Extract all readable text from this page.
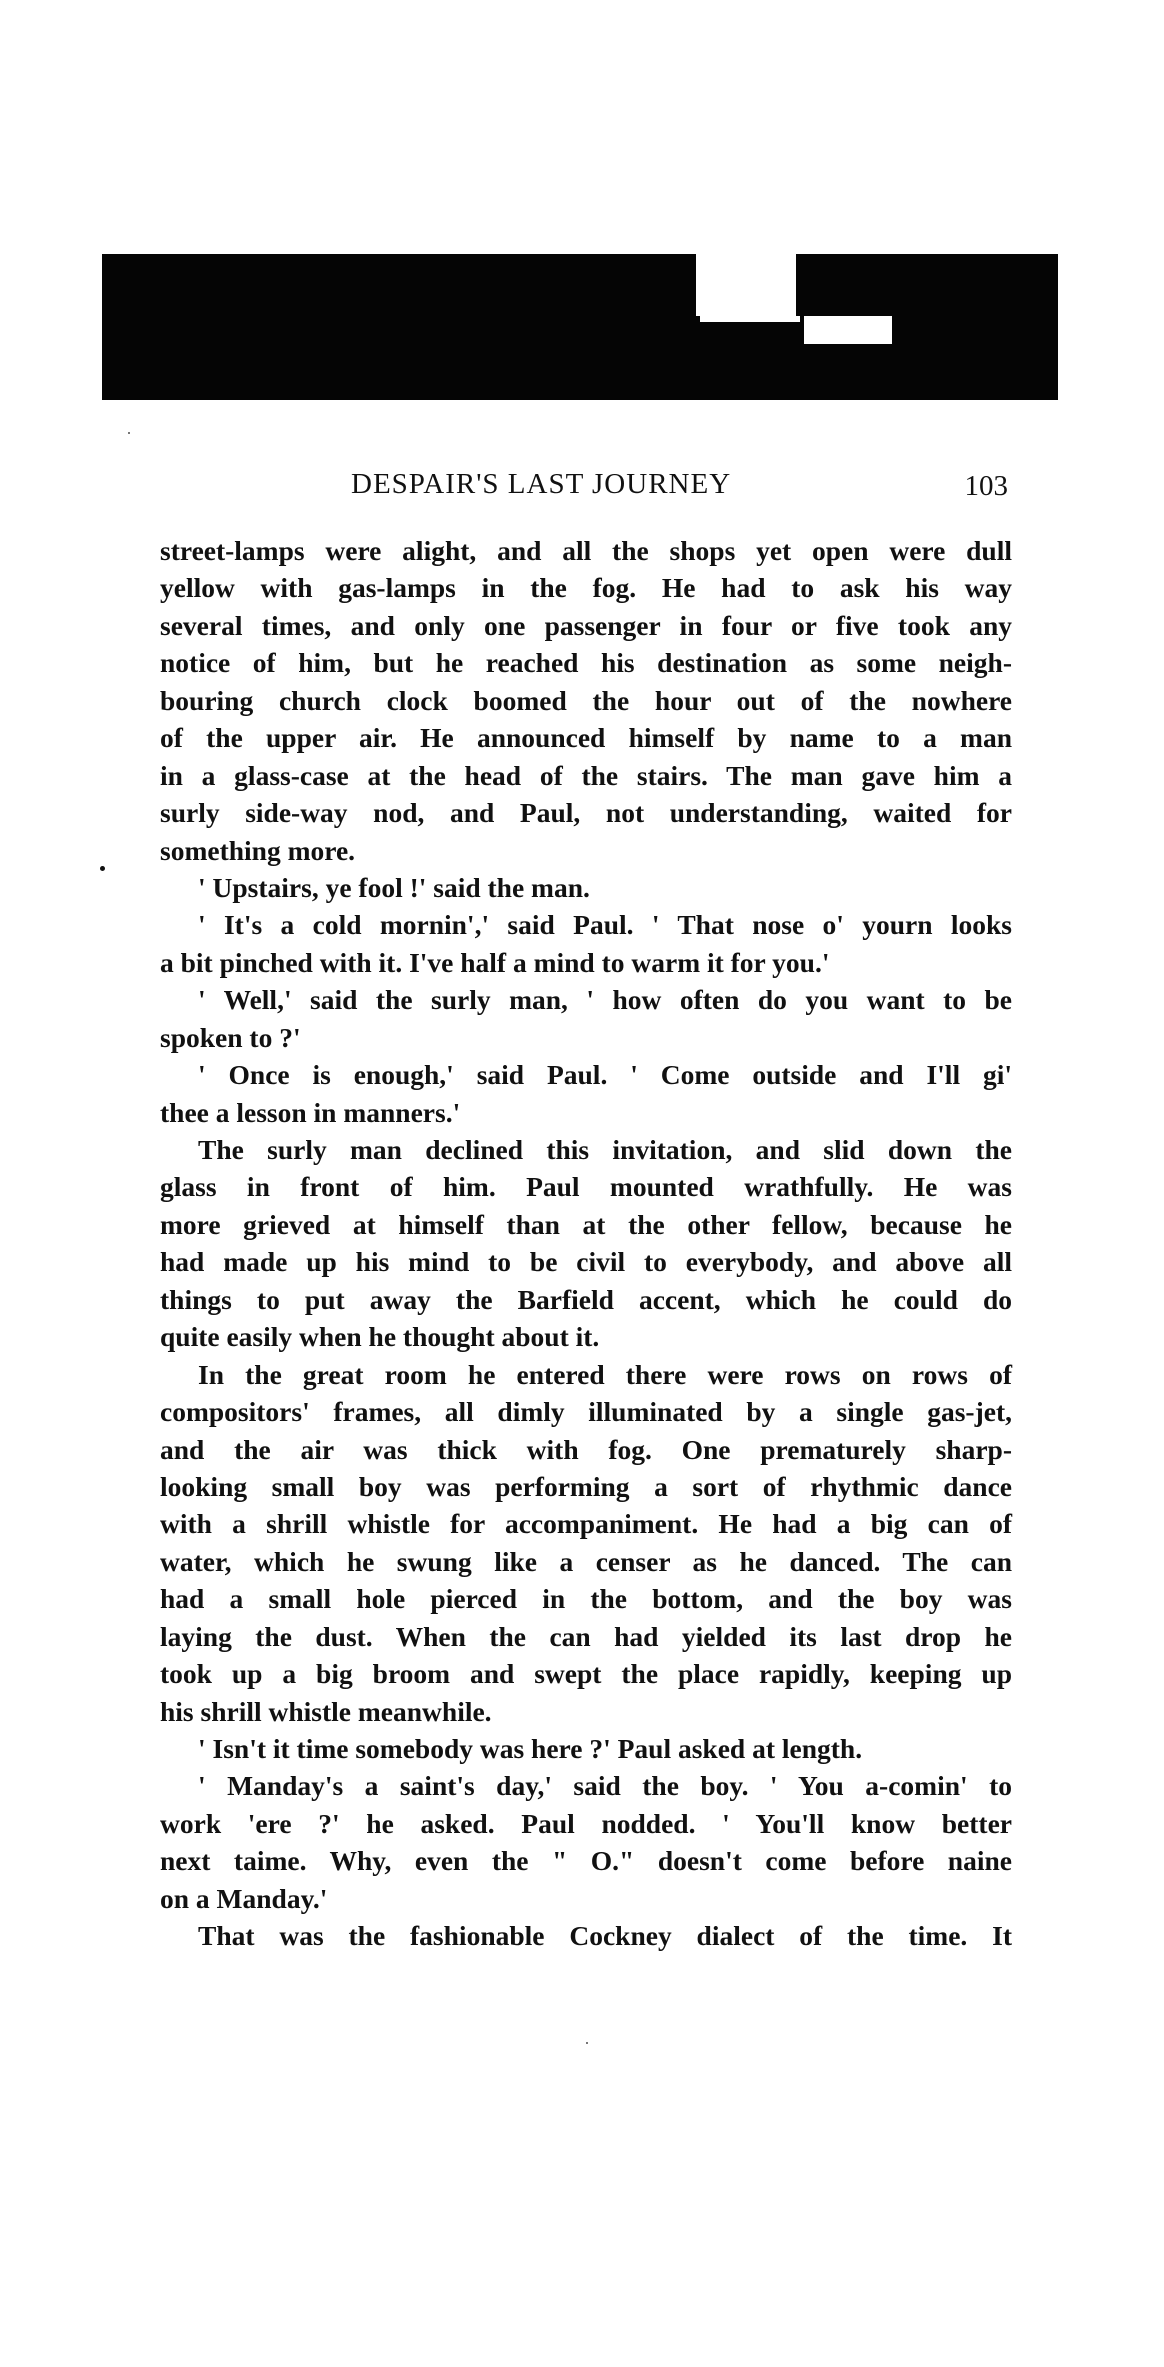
DESPAIR'S LAST JOURNEY	103
street-lamps were alight, and all the shops yet open were dull
yellow with gas-lamps in the fog. He had to ask his way
several times, and only one passenger in four or five took any
notice of him, but he reached his destination as some neigh-
bouring church clock boomed the hour out of the nowhere
of the upper air. He announced himself by name to a man
in a glass-case at the head of the stairs. The man gave him a
surly side-way nod, and Paul, not understanding, waited for
something more.
' Upstairs, ye fool !' said the man.
' It's a cold mornin',' said Paul. ' That nose o' yourn looks
a bit pinched with it. I've half a mind to warm it for you.'
' Well,' said the surly man, ' how often do you want to be
spoken to ?'
' Once is enough,' said Paul. ' Come outside and I'll gi'
thee a lesson in manners.'
The surly man declined this invitation, and slid down the
glass in front of him. Paul mounted wrathfully. He was
more grieved at himself than at the other fellow, because he
had made up his mind to be civil to everybody, and above all
things to put away the Barfield accent, which he could do
quite easily when he thought about it.
In the great room he entered there were rows on rows of
compositors' frames, all dimly illuminated by a single gas-jet,
and the air was thick with fog. One prematurely sharp-
looking small boy was performing a sort of rhythmic dance
with a shrill whistle for accompaniment. He had a big can of
water, which he swung like a censer as he danced. The can
had a small hole pierced in the bottom, and the boy was
laying the dust. When the can had yielded its last drop he
took up a big broom and swept the place rapidly, keeping up
his shrill whistle meanwhile.
' Isn't it time somebody was here ?' Paul asked at length.
' Manday's a saint's day,' said the boy. ' You a-comin' to
work 'ere ?' he asked. Paul nodded. ' You'll know better
next taime. Why, even the " O." doesn't come before naine
on a Manday.'
That was the fashionable Cockney dialect of the time. It
